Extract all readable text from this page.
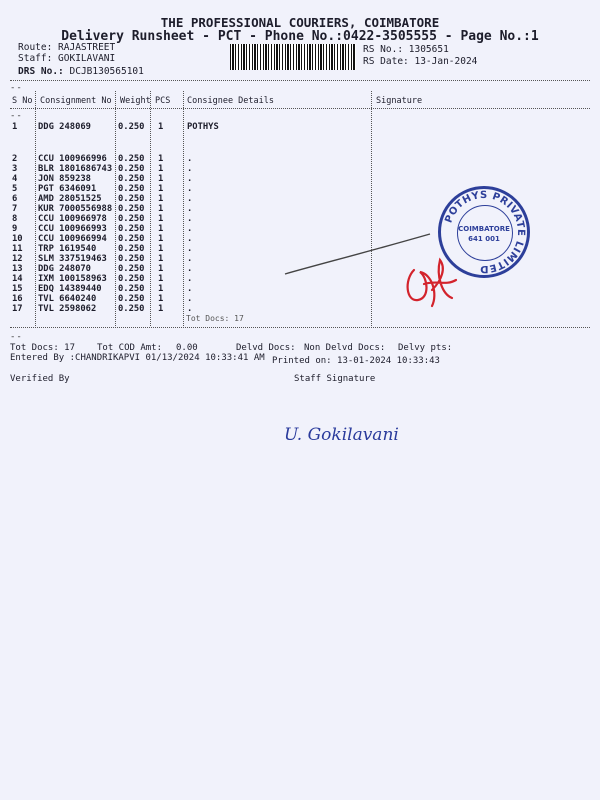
THE PROFESSIONAL COURIERS, COIMBATORE
Delivery Runsheet - PCT - Phone No.:0422-3505555 - Page No.:1
Route: RAJASTREET
Staff: GOKILAVANI
DRS No.: DCJB130565101
RS No.: 1305651
RS Date: 13-Jan-2024
--
S No Consignment No Weight PCS Consignee Details	Signature
--
1 DDG 248069	0.250 1	POTHYS
2 CCU 100966996 0.250 1	.
3 BLR 1801686743 0.250 1	.
4 JON 859238	0.250 1	.
5 PGT 6346091 0.250 1	.
6 AMD 28051525 0.250 1	.
7 KUR 7000556988 0.250 1	.
8 CCU 100966978 0.250 1	.
9 CCU 100966993 0.250 1	.
10 CCU 100966994 0.250 1	.
11 TRP 1619540 0.250 1	.
12 SLM 337519463 0.250 1	.
13 DDG 248070	0.250 1	.
14 IXM 100158963 0.250 1	.
15 EDQ 14389440 0.250 1	.
16 TVL 6640240 0.250 1	.
17 TVL 2598062 0.250 1	.
Tot Docs: 17
--
Tot Docs: 17 Tot COD Amt: 0.00	Delvd Docs: Non Delvd Docs: Delvy pts:
Entered By :CHANDRIKAPVI 01/13/2024 10:33:41 AM Printed on: 13-01-2024 10:33:43
Verified By	Staff Signature
POTHYS PRIVATE LIMITED
COIMBATORE
641 001
U. Gokilavani
